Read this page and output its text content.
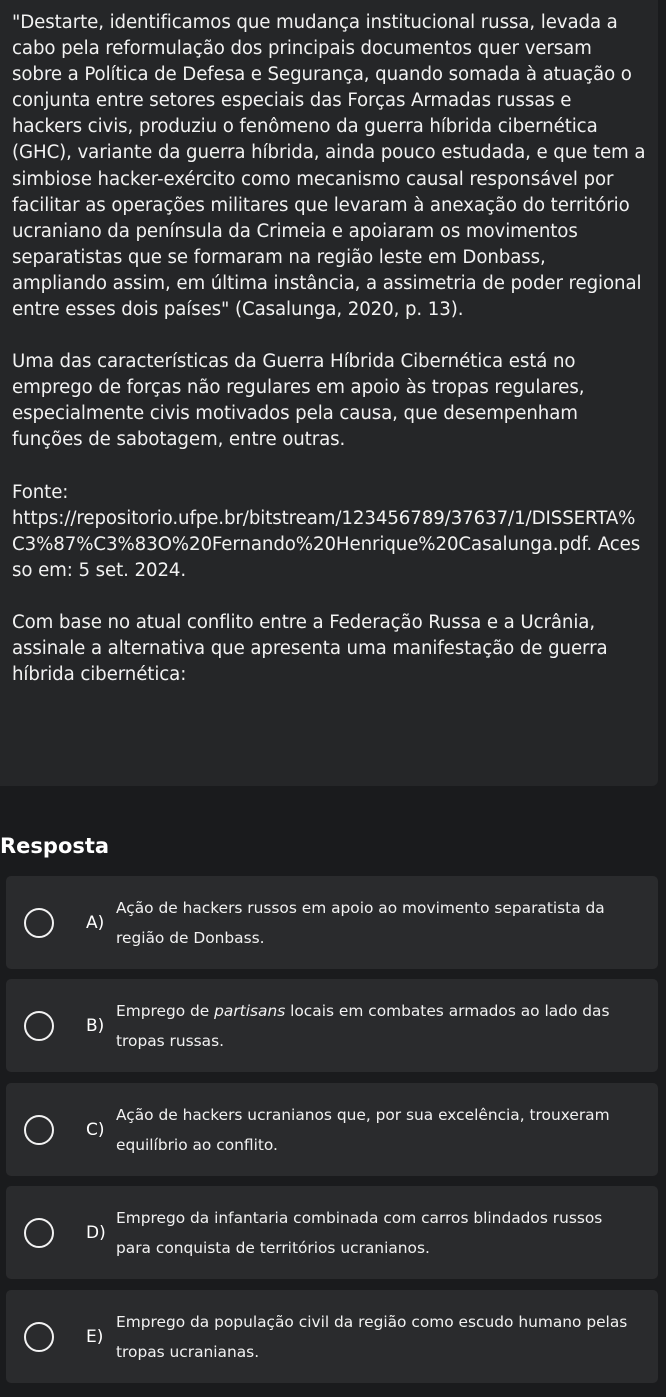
"Destarte, identificamos que mudança institucional russa, levada a cabo pela reformulação dos principais documentos quer versam sobre a Política de Defesa e Segurança, quando somada à atuação o conjunta entre setores especiais das Forças Armadas russas e hackers civis, produziu o fenômeno da guerra híbrida cibernética (GHC), variante da guerra híbrida, ainda pouco estudada, e que tem a simbiose hacker-exército como mecanismo causal responsável por facilitar as operações militares que levaram à anexação do território ucraniano da península da Crimeia e apoiaram os movimentos separatistas que se formaram na região leste em Donbass, ampliando assim, em última instância, a assimetria de poder regional entre esses dois países" (Casalunga, 2020, p. 13).

Uma das características da Guerra Híbrida Cibernética está no emprego de forças não regulares em apoio às tropas regulares, especialmente civis motivados pela causa, que desempenham funções de sabotagem, entre outras.

Fonte:
https://repositorio.ufpe.br/bitstream/123456789/37637/1/DISSERTA%C3%87%C3%83O%20Fernando%20Henrique%20Casalunga.pdf. Acesso em: 5 set. 2024.

Com base no atual conflito entre a Federação Russa e a Ucrânia, assinale a alternativa que apresenta uma manifestação de guerra híbrida cibernética:

Resposta
A)
Ação de hackers russos em apoio ao movimento separatista da região de Donbass.
B)
Emprego de partisans locais em combates armados ao lado das tropas russas.
C)
Ação de hackers ucranianos que, por sua excelência, trouxeram equilíbrio ao conflito.
D)
Emprego da infantaria combinada com carros blindados russos para conquista de territórios ucranianos.
E)
Emprego da população civil da região como escudo humano pelas tropas ucranianas.
